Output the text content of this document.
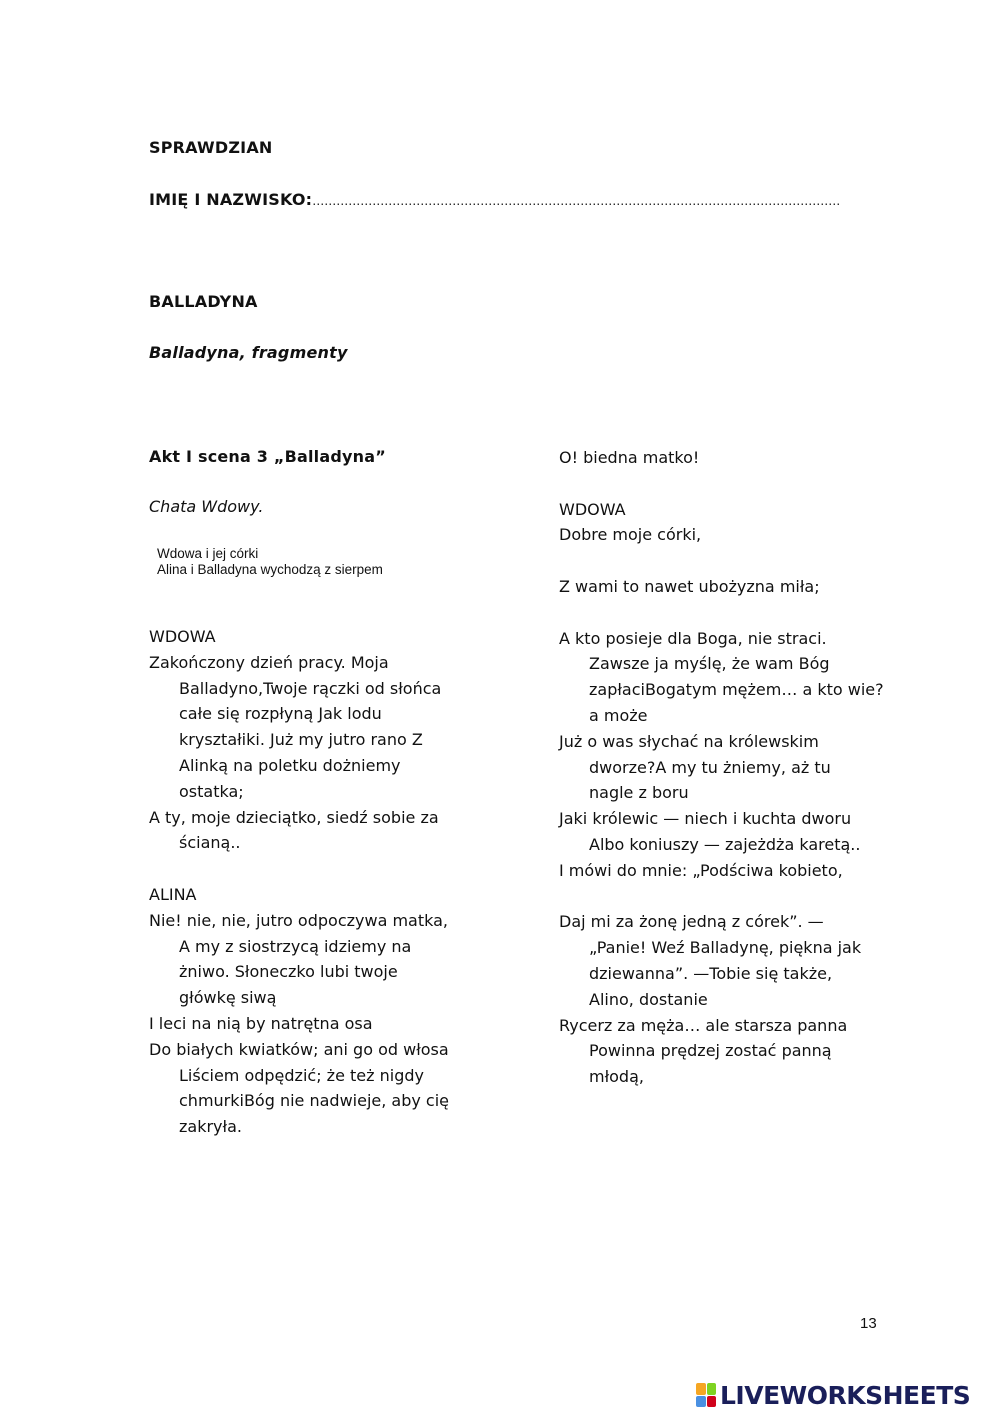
SPRAWDZIAN
IMIĘ I NAZWISKO:……………………………………………………………………………………………………………………
BALLADYNA
Balladyna, fragmenty
Akt I scena 3 „Balladyna”
Chata Wdowy.
Wdowa i jej córki
Alina i Balladyna wychodzą z sierpem
WDOWA
Zakończony dzień pracy. Moja
Balladyno,Twoje rączki od słońca
całe się rozpłyną Jak lodu
kryształiki. Już my jutro rano Z
Alinką na poletku dożniemy
ostatka;
A ty, moje dzieciątko, siedź sobie za
ścianą..
ALINA
Nie! nie, nie, jutro odpoczywa matka,
A my z siostrzycą idziemy na
żniwo. Słoneczko lubi twoje
główkę siwą
I leci na nią by natrętna osa
Do białych kwiatków; ani go od włosa
Liściem odpędzić; że też nigdy
chmurkiBóg nie nadwieje, aby cię
zakryła.
O! biedna matko!
WDOWA
Dobre moje córki,
Z wami to nawet ubożyzna miła;
A kto posieje dla Boga, nie straci.
Zawsze ja myślę, że wam Bóg
zapłaciBogatym mężem… a kto wie?
a może
Już o was słychać na królewskim
dworze?A my tu żniemy, aż tu
nagle z boru
Jaki królewic — niech i kuchta dworu
Albo koniuszy — zajeżdża karetą..
I mówi do mnie: „Podściwa kobieto,
Daj mi za żonę jedną z córek”. —
„Panie! Weź Balladynę, piękna jak
dziewanna”. —Tobie się także,
Alino, dostanie
Rycerz za męża… ale starsza panna
Powinna prędzej zostać panną
młodą,
13
LIVEWORKSHEETS
